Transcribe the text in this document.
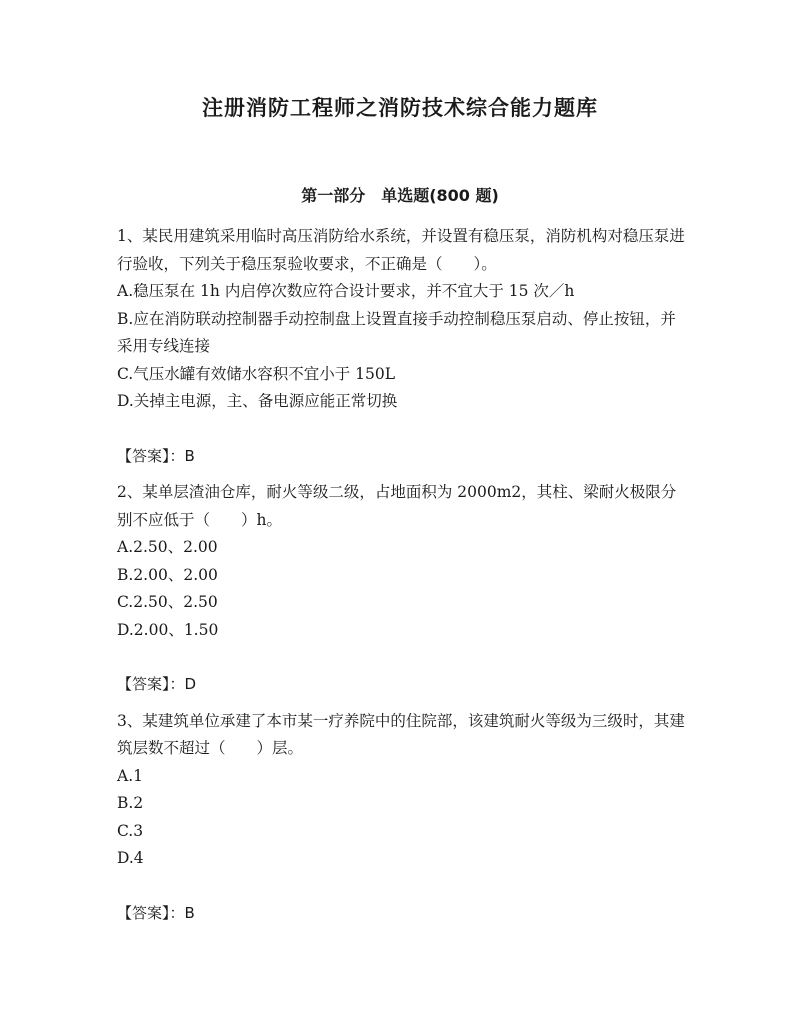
注册消防工程师之消防技术综合能力题库
第一部分　单选题(800 题)

1、某民用建筑采用临时高压消防给水系统，并设置有稳压泵，消防机构对稳压泵进行验收，下列关于稳压泵验收要求，不正确是（　　）。

A.稳压泵在 1h 内启停次数应符合设计要求，并不宜大于 15 次／h

B.应在消防联动控制器手动控制盘上设置直接手动控制稳压泵启动、停止按钮，并采用专线连接

C.气压水罐有效储水容积不宜小于 150L

D.关掉主电源，主、备电源应能正常切换

【答案】：B

2、某单层渣油仓库，耐火等级二级，占地面积为 2000m2，其柱、梁耐火极限分别不应低于（　　）h。

A.2.50、2.00

B.2.00、2.00

C.2.50、2.50

D.2.00、1.50

【答案】：D

3、某建筑单位承建了本市某一疗养院中的住院部，该建筑耐火等级为三级时，其建筑层数不超过（　　）层。

A.1

B.2

C.3

D.4

【答案】：B
